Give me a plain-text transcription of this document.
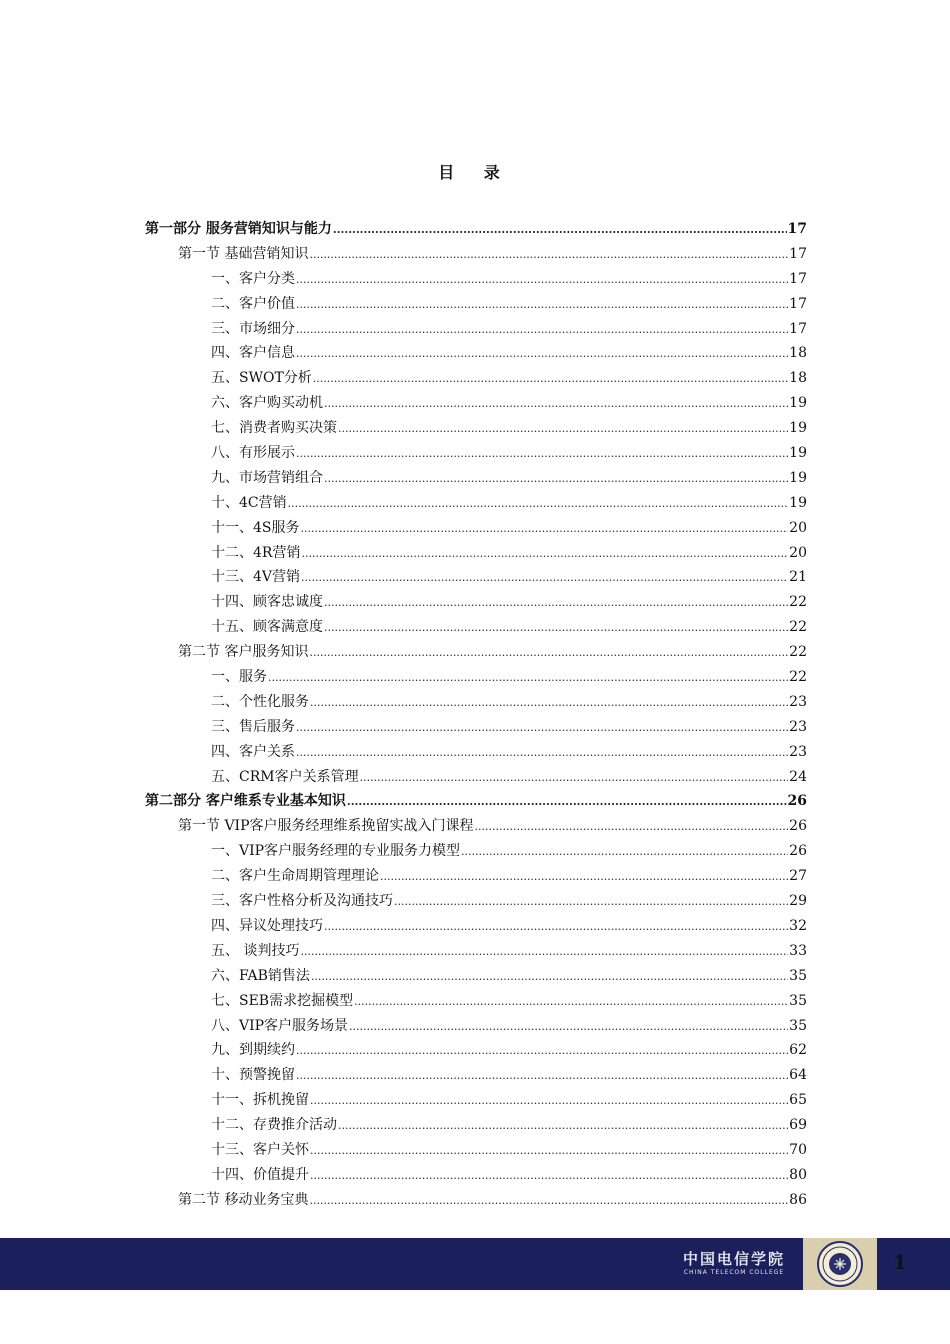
目 录
第一部分 服务营销知识与能力 .....	17
第一节 基础营销知识 .....	17
一、客户分类 .....	17
二、客户价值 .....	17
三、市场细分 .....	17
四、客户信息 .....	18
五、SWOT分析 .....	18
六、客户购买动机 .....	19
七、消费者购买决策 .....	19
八、有形展示 .....	19
九、市场营销组合 .....	19
十、4C营销 .....	19
十一、4S服务 .....	20
十二、4R营销 .....	20
十三、4V营销 .....	21
十四、顾客忠诚度 .....	22
十五、顾客满意度 .....	22
第二节 客户服务知识 .....	22
一、服务 .....	22
二、个性化服务 .....	23
三、售后服务 .....	23
四、客户关系 .....	23
五、CRM客户关系管理 .....	24
第二部分 客户维系专业基本知识 .....	26
第一节 VIP客户服务经理维系挽留实战入门课程 .....	26
一、VIP客户服务经理的专业服务力模型 .....	26
二、客户生命周期管理理论 .....	27
三、客户性格分析及沟通技巧 .....	29
四、异议处理技巧 .....	32
五、 谈判技巧 .....	33
六、FAB销售法 .....	35
七、SEB需求挖掘模型 .....	35
八、VIP客户服务场景 .....	35
九、到期续约 .....	62
十、预警挽留 .....	64
十一、拆机挽留 .....	65
十二、存费推介活动 .....	69
十三、客户关怀 .....	70
十四、价值提升 .....	80
第二节 移动业务宝典 .....	86
中国电信学院
CHINA TELECOM COLLEGE	1
